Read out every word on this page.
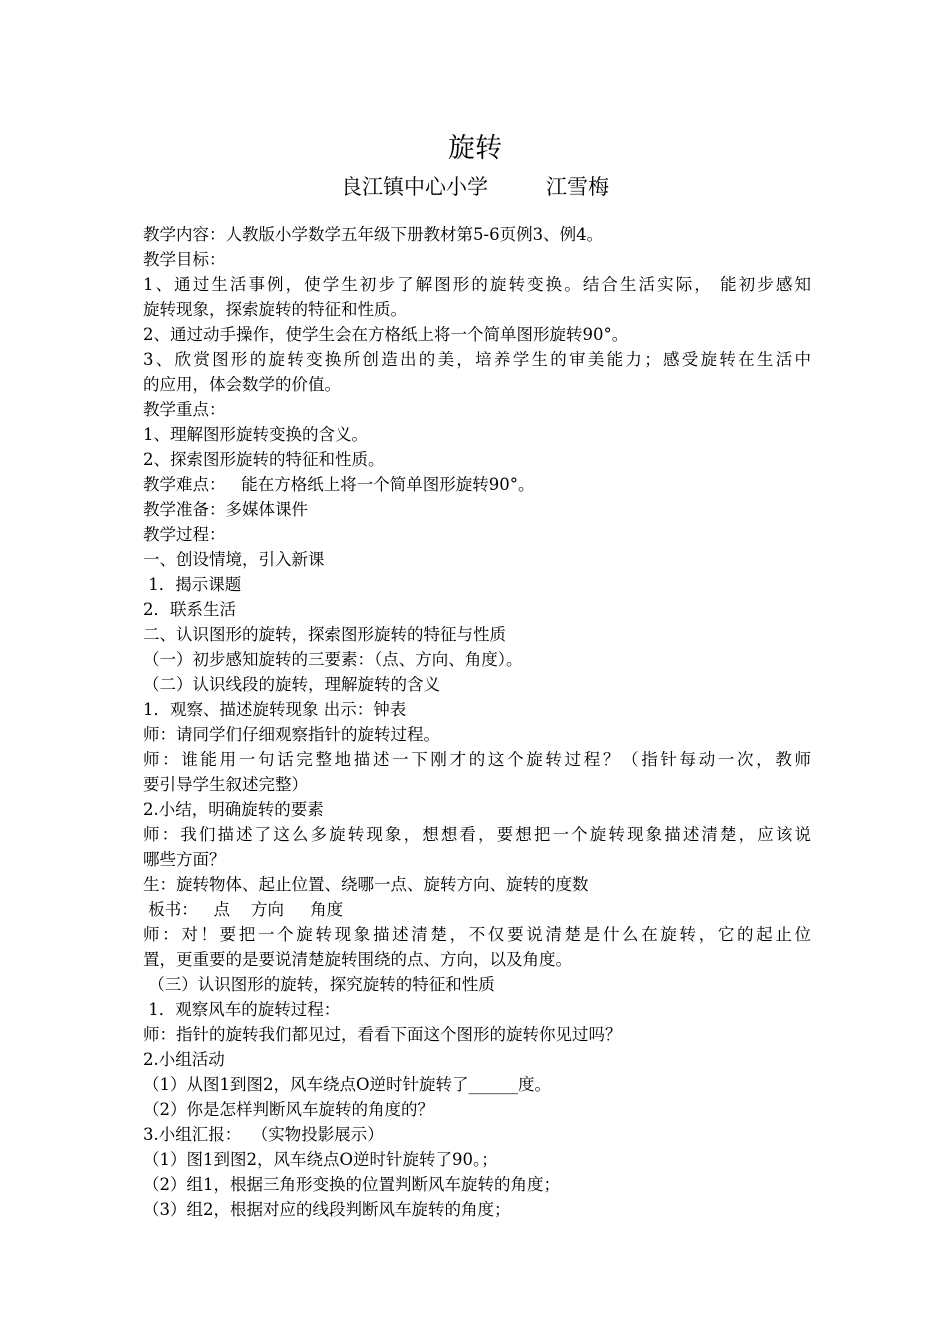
旋转
良江镇中心小学	江雪梅
教学内容：人教版小学数学五年级下册教材第5-6页例3、例4。
教学目标：
1、通过生活事例，使学生初步了解图形的旋转变换。结合生活实际， 能初步感知
旋转现象，探索旋转的特征和性质。
2、通过动手操作，使学生会在方格纸上将一个简单图形旋转90°。
3、欣赏图形的旋转变换所创造出的美，培养学生的审美能力；感受旋转在生活中
的应用，体会数学的价值。
教学重点：
1、理解图形旋转变换的含义。
2、探索图形旋转的特征和性质。
教学难点：   能在方格纸上将一个简单图形旋转90°。
教学准备：多媒体课件
教学过程：
一、创设情境，引入新课
1．揭示课题
2．联系生活
二、认识图形的旋转，探索图形旋转的特征与性质
（一）初步感知旋转的三要素：（点、方向、角度）。
（二）认识线段的旋转，理解旋转的含义
1．观察、描述旋转现象 出示：钟表
师：请同学们仔细观察指针的旋转过程。
师：谁能用一句话完整地描述一下刚才的这个旋转过程？（指针每动一次，教师
要引导学生叙述完整）
2.小结，明确旋转的要素
师：我们描述了这么多旋转现象，想想看，要想把一个旋转现象描述清楚，应该说
哪些方面？
生：旋转物体、起止位置、绕哪一点、旋转方向、旋转的度数
板书：   点    方向     角度
师：对！要把一个旋转现象描述清楚，不仅要说清楚是什么在旋转，它的起止位
置，更重要的是要说清楚旋转围绕的点、方向，以及角度。
（三）认识图形的旋转，探究旋转的特征和性质
1．观察风车的旋转过程：
师：指针的旋转我们都见过，看看下面这个图形的旋转你见过吗？
2.小组活动
（1）从图1到图2，风车绕点O逆时针旋转了______度。
（2）你是怎样判断风车旋转的角度的？
3.小组汇报：  （实物投影展示）
（1）图1到图2，风车绕点O逆时针旋转了90。；
（2）组1，根据三角形变换的位置判断风车旋转的角度；
（3）组2，根据对应的线段判断风车旋转的角度；
